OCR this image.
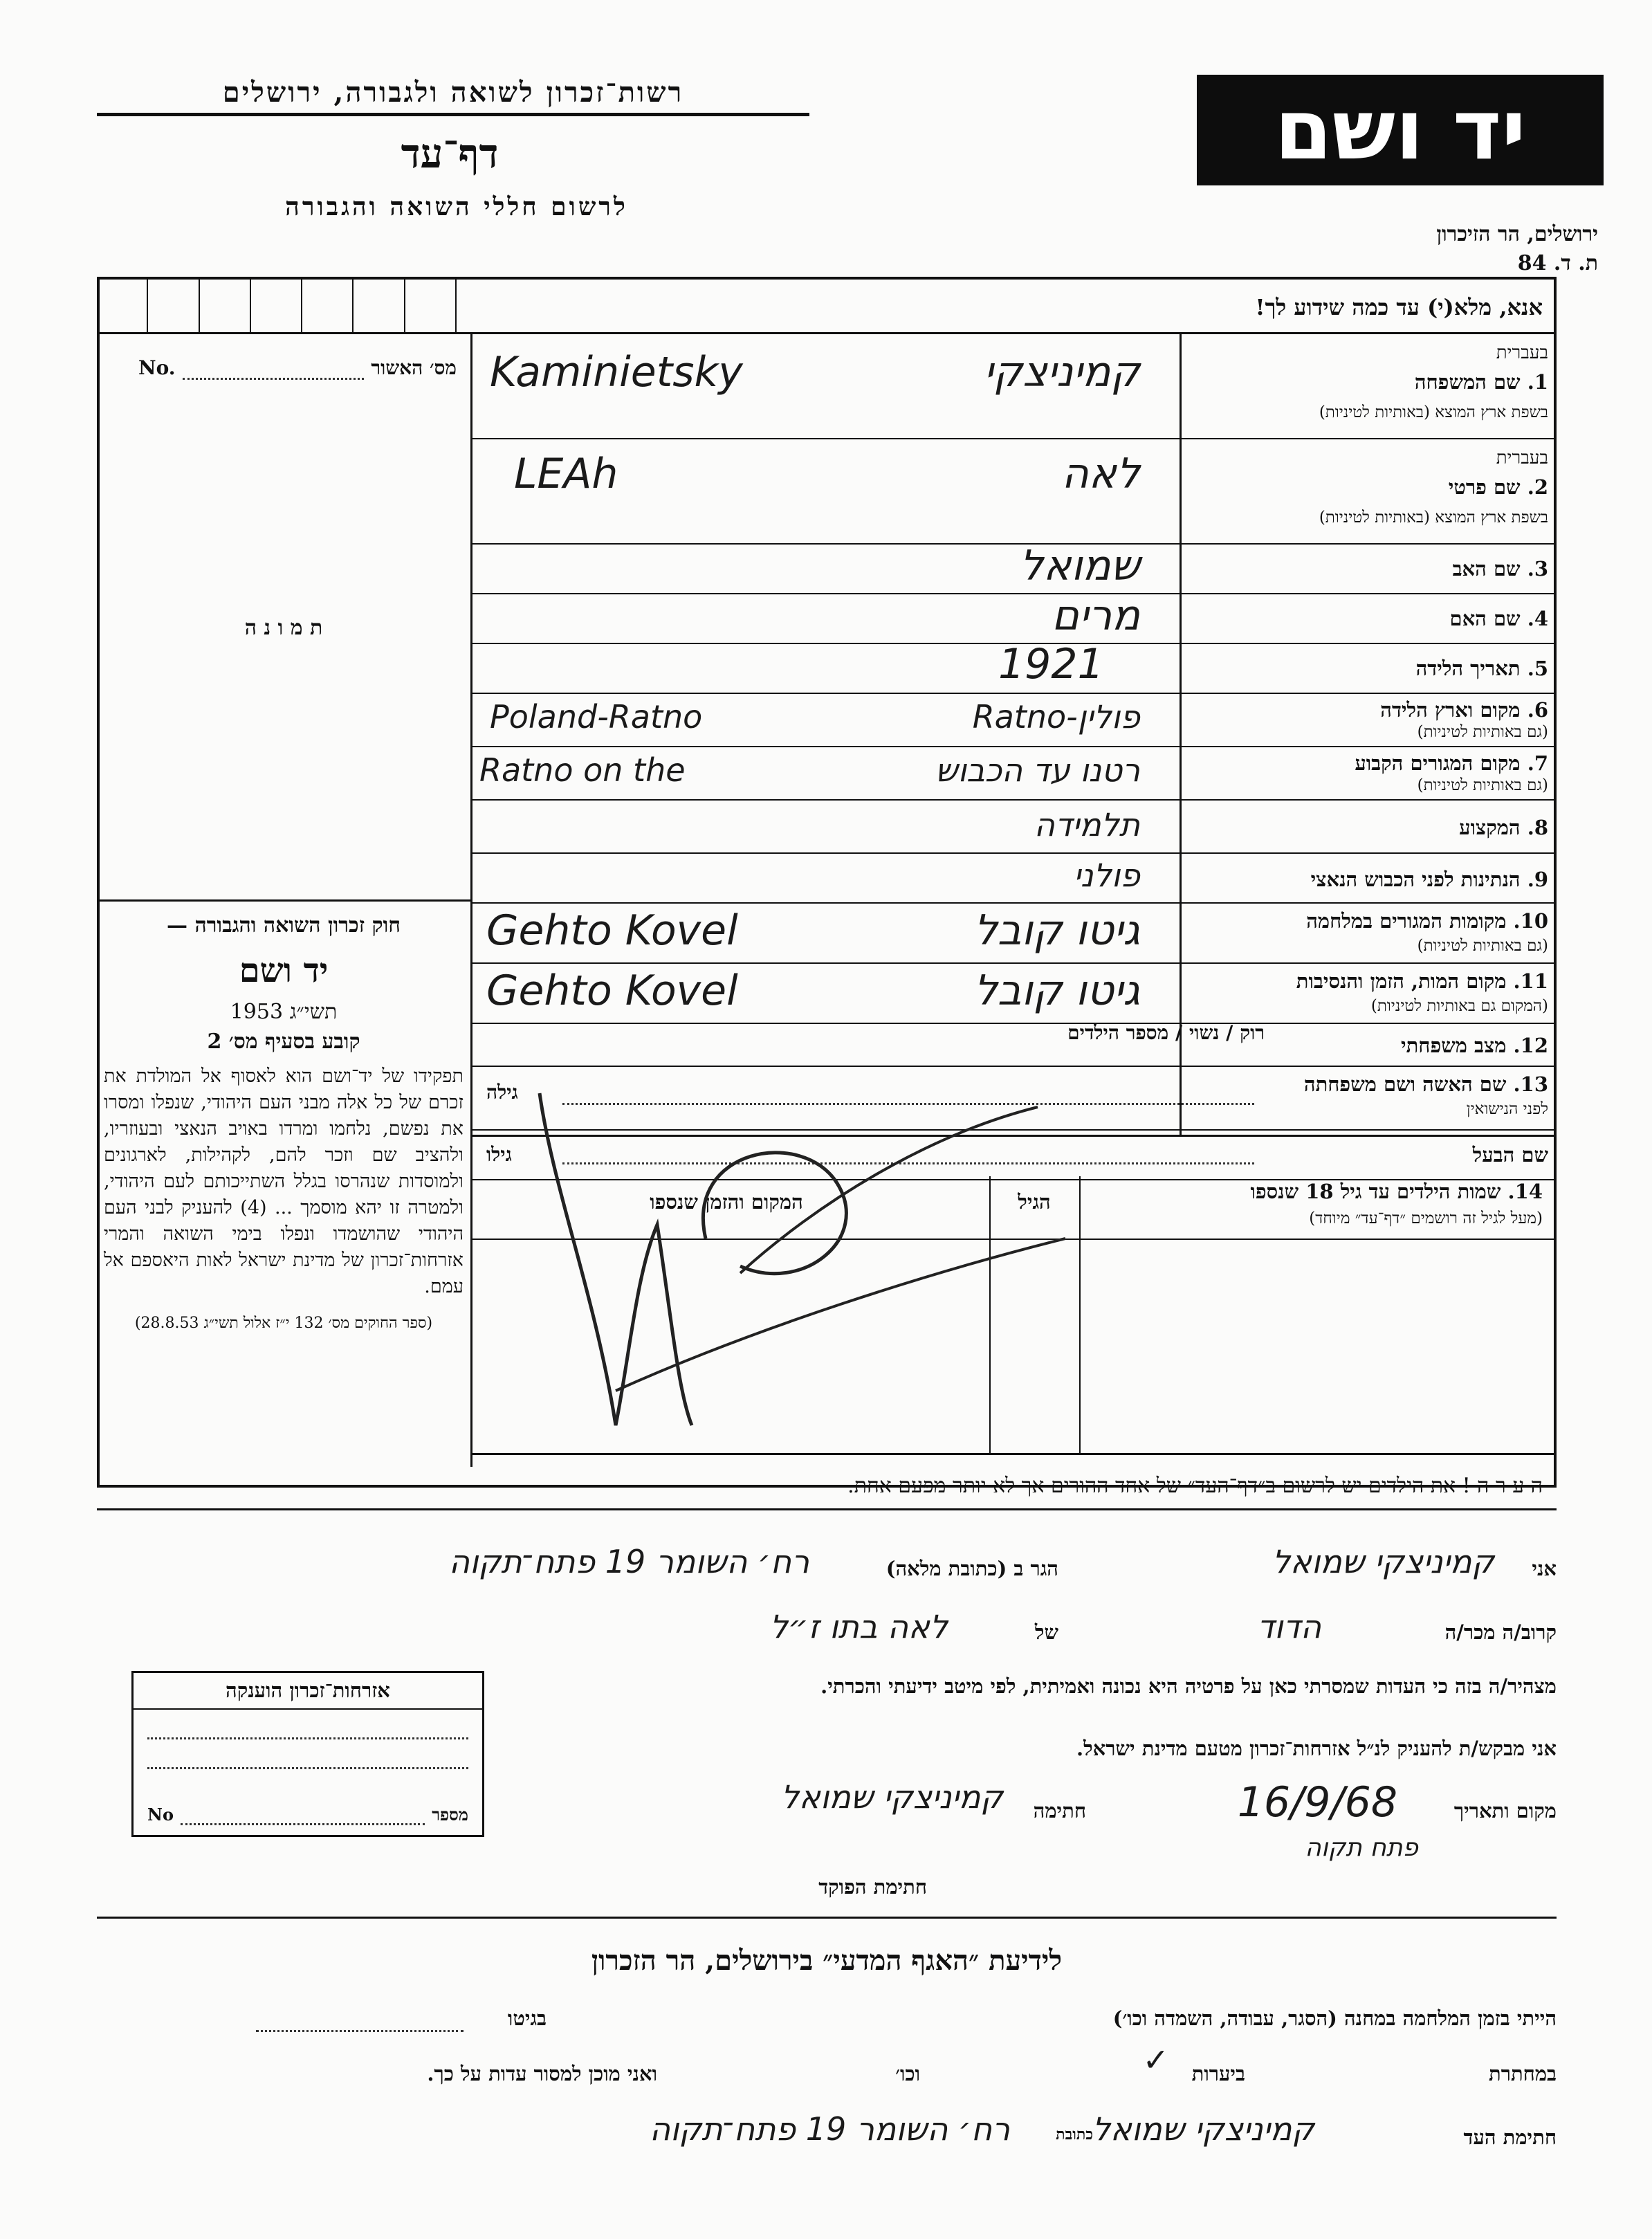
רשות־זכרון לשואה ולגבורה, ירושלים
דף־עד
לרשום חללי השואה והגבורה
יד ושם
ירושלים, הר הזיכרון
ת. ד. 84
אנא, מלא(י) עד כמה שידוע לך!
No.	מס׳ האשור
ת מ ו נ ה
חוק זכרון השואה והגבורה —
יד ושם
תשי״ג 1953
קובע בסעיף מס׳ 2
תפקידו של יד־ושם הוא לאסוף אל המולדת את זכרם של כל אלה מבני העם היהודי, שנפלו ומסרו את נפשם, נלחמו ומרדו באויב הנאצי ובעוזריו, ולהציב שם וזכר להם, לקהילות, לארגונים ולמוסדות שנהרסו בגלל השתייכותם לעם היהודי, ולמטרה זו יהא מוסמך ... (4) להעניק לבני העם היהודי שהושמדו ונפלו בימי השואה והמרי אזרחות־זכרון של מדינת ישראל לאות היאספם אל עמם.
(ספר החוקים מס׳ 132 י״ז אלול תשי״ג 28.8.53)
בעברית
1. שם המשפחה
בשפת ארץ המוצא (באותיות לטיניות)
קמיניצקי
Kaminietsky
בעברית
2. שם פרטי
בשפת ארץ המוצא (באותיות לטיניות)
לאה
LEAh
3. שם האב
שמואל
4. שם האם
מרים
5. תאריך הלידה
1921
6. מקום וארץ הלידה
(גם באותיות לטיניות)
פולין-Ratno
Poland-Ratno
7. מקום המגורים הקבוע
(גם באותיות לטיניות)
רטנו עד הכבוש
Ratno on the
8. המקצוע
תלמידה
9. הנתינות לפני הכבוש הנאצי
פולני
10. מקומות המגורים במלחמה
(גם באותיות לטיניות)
גיטו קובל
Gehto Kovel
11. מקום המות, הזמן והנסיבות
(המקום גם באותיות לטיניות)
גיטו קובל
Gehto Kovel
12. מצב משפחתי
רוק / נשוי / מספר הילדים
13. שם האשה ושם משפחתה
לפני הנישואין
גילה
שם הבעל
גילו
14. שמות הילדים עד גיל 18 שנספו
(מעל לגיל זה רושמים ״דף־עד״ מיוחד)
הגיל
המקום והזמן שנספו
ה ע ר ה ! את הילדים יש לרשום ב״דף־העד״ של אחד ההורים אך לא יותר מפעם אחת.
אני
קמיניצקי שמואל
הגר ב (כתובת מלאה)
רח׳ השומר 19 פתח־תקוה
קרוב/ה מכר/ה
הדוד
של
לאה בתו ז״ל
מצהיר/ה בזה כי העדות שמסרתי כאן על פרטיה היא נכונה ואמיתית, לפי מיטב ידיעתי והכרתי.
אני מבקש/ת להעניק לנ״ל אזרחות־זכרון מטעם מדינת ישראל.
מקום ותאריך
16/9/68
פתח תקוה
חתימה
קמיניצקי שמואל
חתימת הפוקד
אזרחות־זכרון הוענקה
מספר
No
לידיעת ״האגף המדעי״ בירושלים, הר הזכרון
הייתי בזמן המלחמה במחנה (הסגר, עבודה, השמדה וכו׳)
בגיטו
במחתרת
ביערות
✓
וכו׳
ואני מוכן למסור עדות על כך.
חתימת העד
קמיניצקי שמואל
כתובת
רח׳ השומר 19 פתח־תקוה
